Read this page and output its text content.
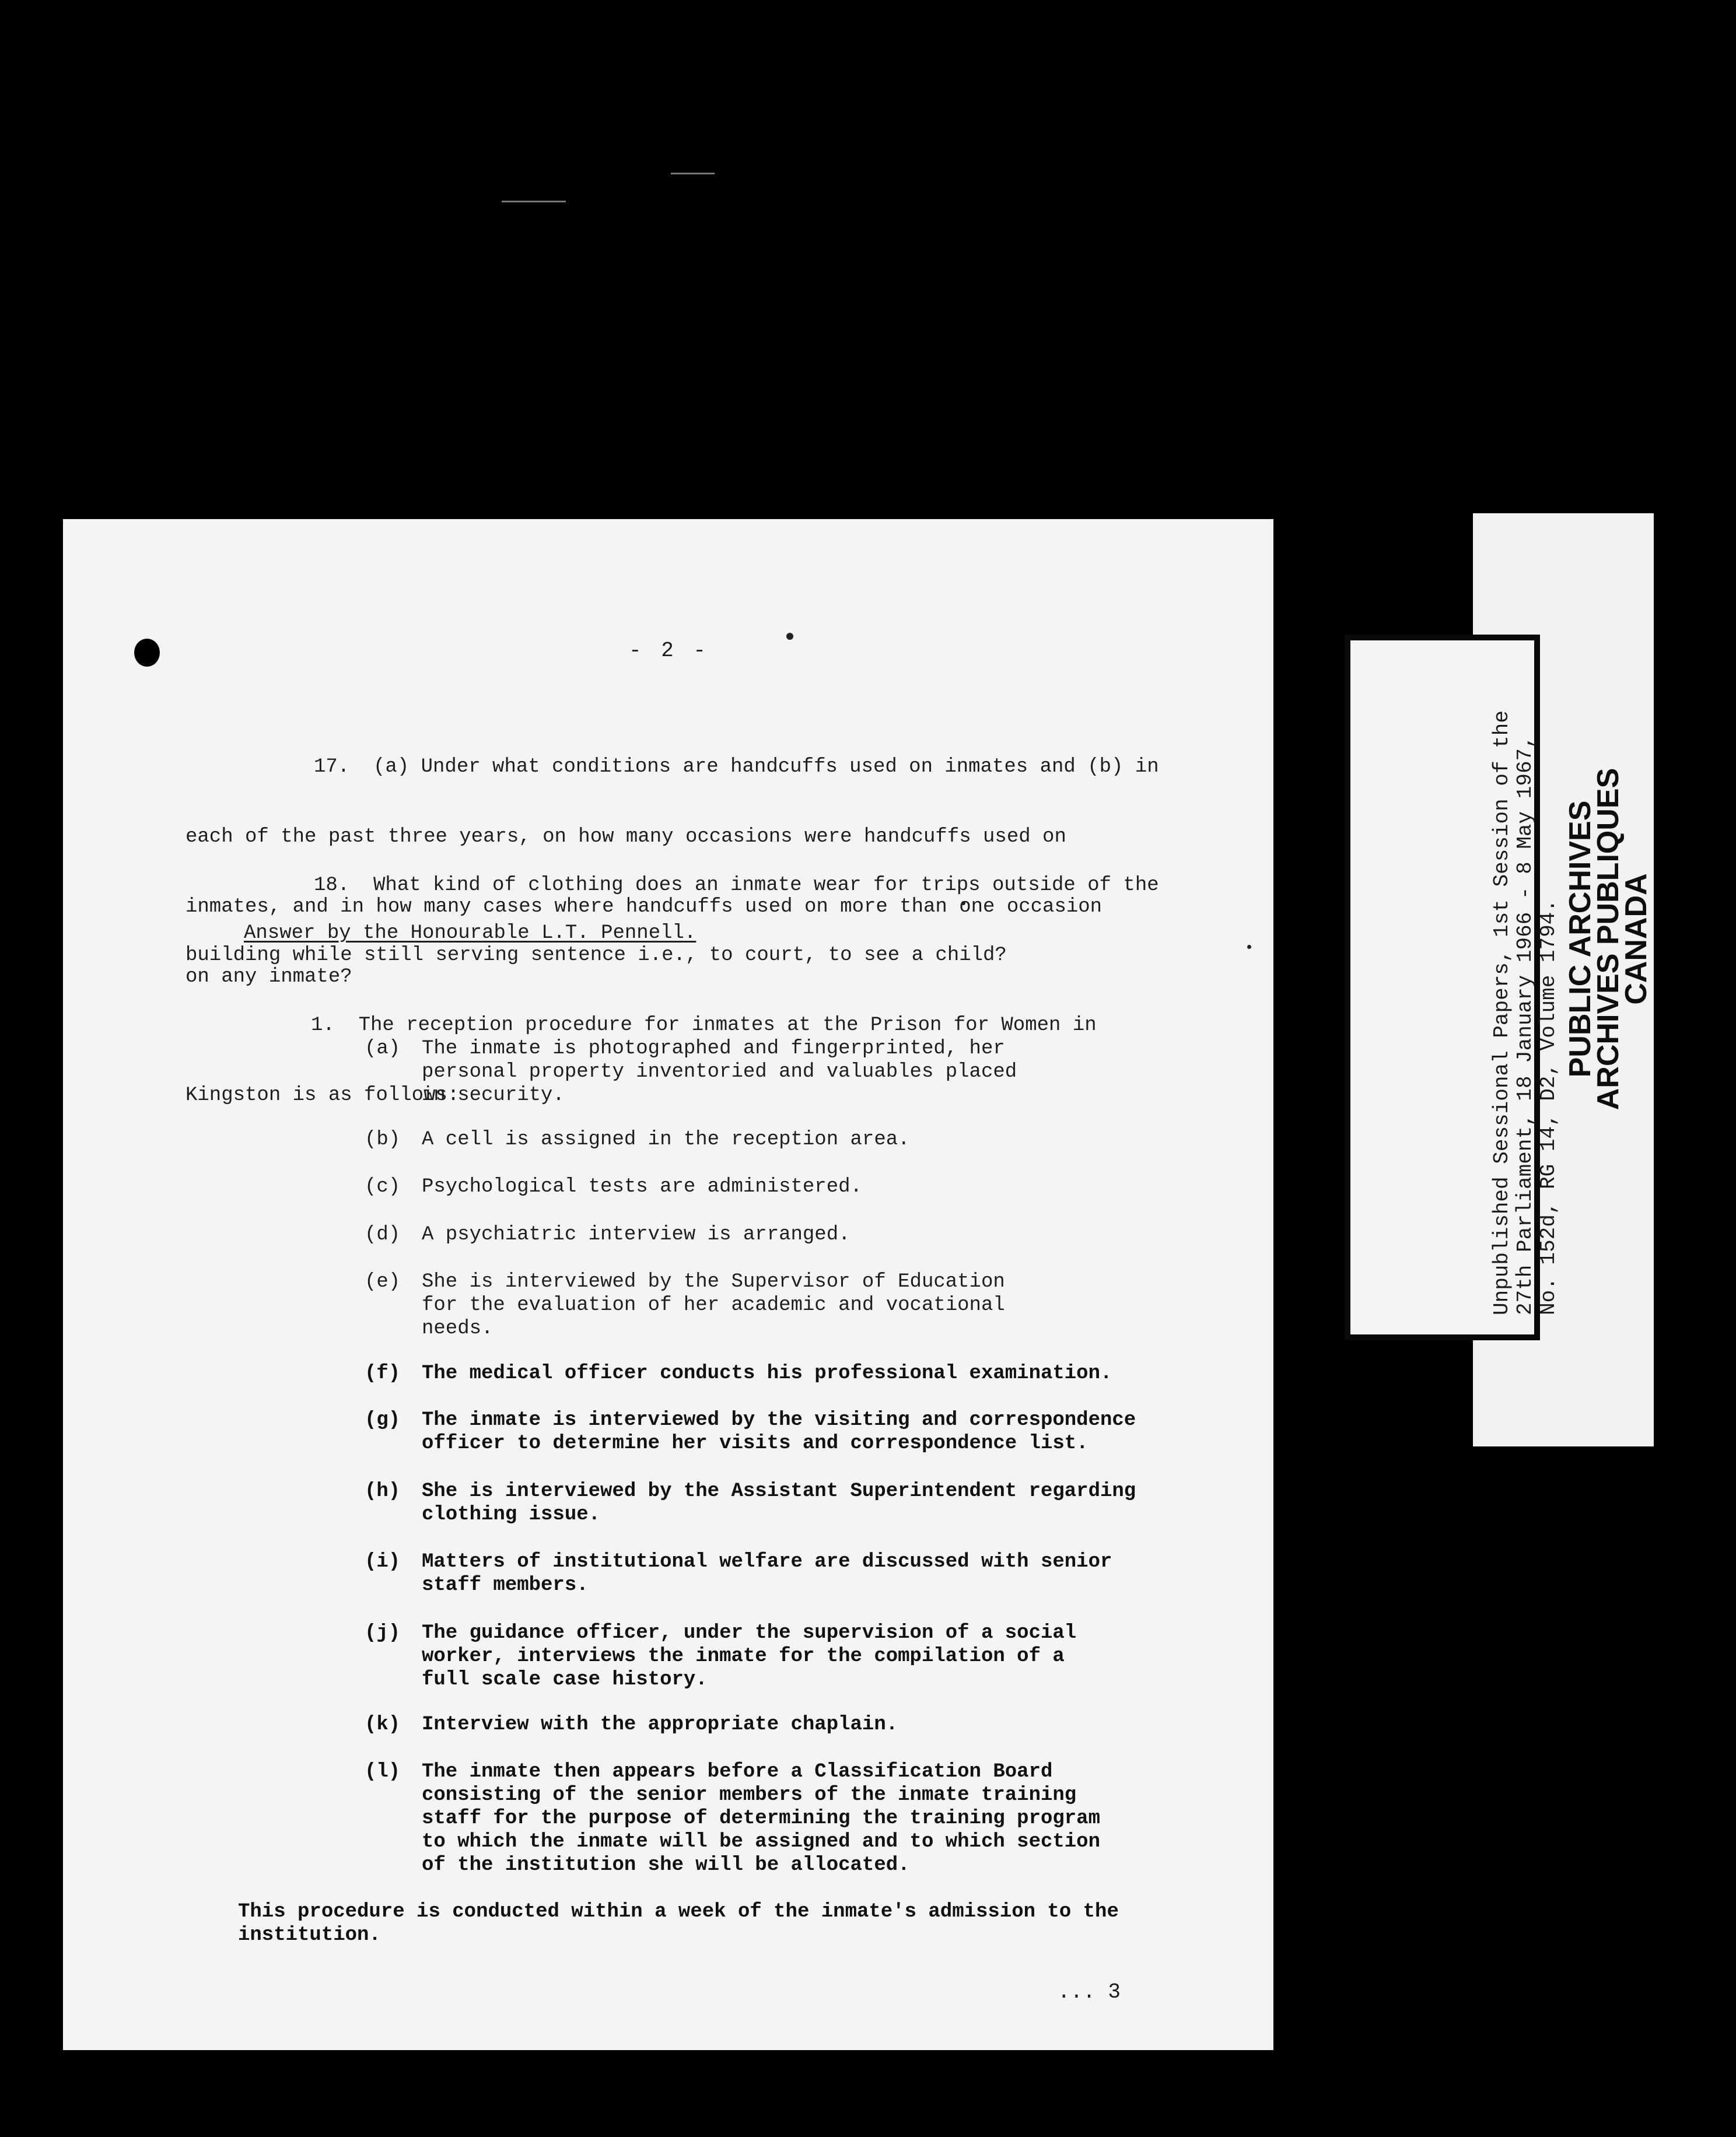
- 2 -

17.  (a) Under what conditions are handcuffs used on inmates and (b) in

each of the past three years, on how many occasions were handcuffs used on

inmates, and in how many cases where handcuffs used on more than one occasion

on any inmate?

18.  What kind of clothing does an inmate wear for trips outside of the

building while still serving sentence i.e., to court, to see a child?

Answer by the Honourable L.T. Pennell.

1.  The reception procedure for inmates at the Prison for Women in

Kingston is as follows:

(a) The inmate is photographed and fingerprinted, her
personal property inventoried and valuables placed
in security.
(b) A cell is assigned in the reception area.
(c) Psychological tests are administered.
(d) A psychiatric interview is arranged.
(e) She is interviewed by the Supervisor of Education
for the evaluation of her academic and vocational
needs.
(f) The medical officer conducts his professional examination.
(g) The inmate is interviewed by the visiting and correspondence
officer to determine her visits and correspondence list.
(h) She is interviewed by the Assistant Superintendent regarding
clothing issue.
(i) Matters of institutional welfare are discussed with senior
staff members.
(j) The guidance officer, under the supervision of a social
worker, interviews the inmate for the compilation of a
full scale case history.
(k) Interview with the appropriate chaplain.
(l) The inmate then appears before a Classification Board
consisting of the senior members of the inmate training
staff for the purpose of determining the training program
to which the inmate will be assigned and to which section
of the institution she will be allocated.
This procedure is conducted within a week of the inmate's admission to the
institution.
... 3
Unpublished Sessional Papers, 1st Session of the
27th Parliament, 18 January 1966 - 8 May 1967,
No. 152d, RG 14, D2, Volume 1794. PUBLIC ARCHIVES
ARCHIVES PUBLIQUES
CANADA
